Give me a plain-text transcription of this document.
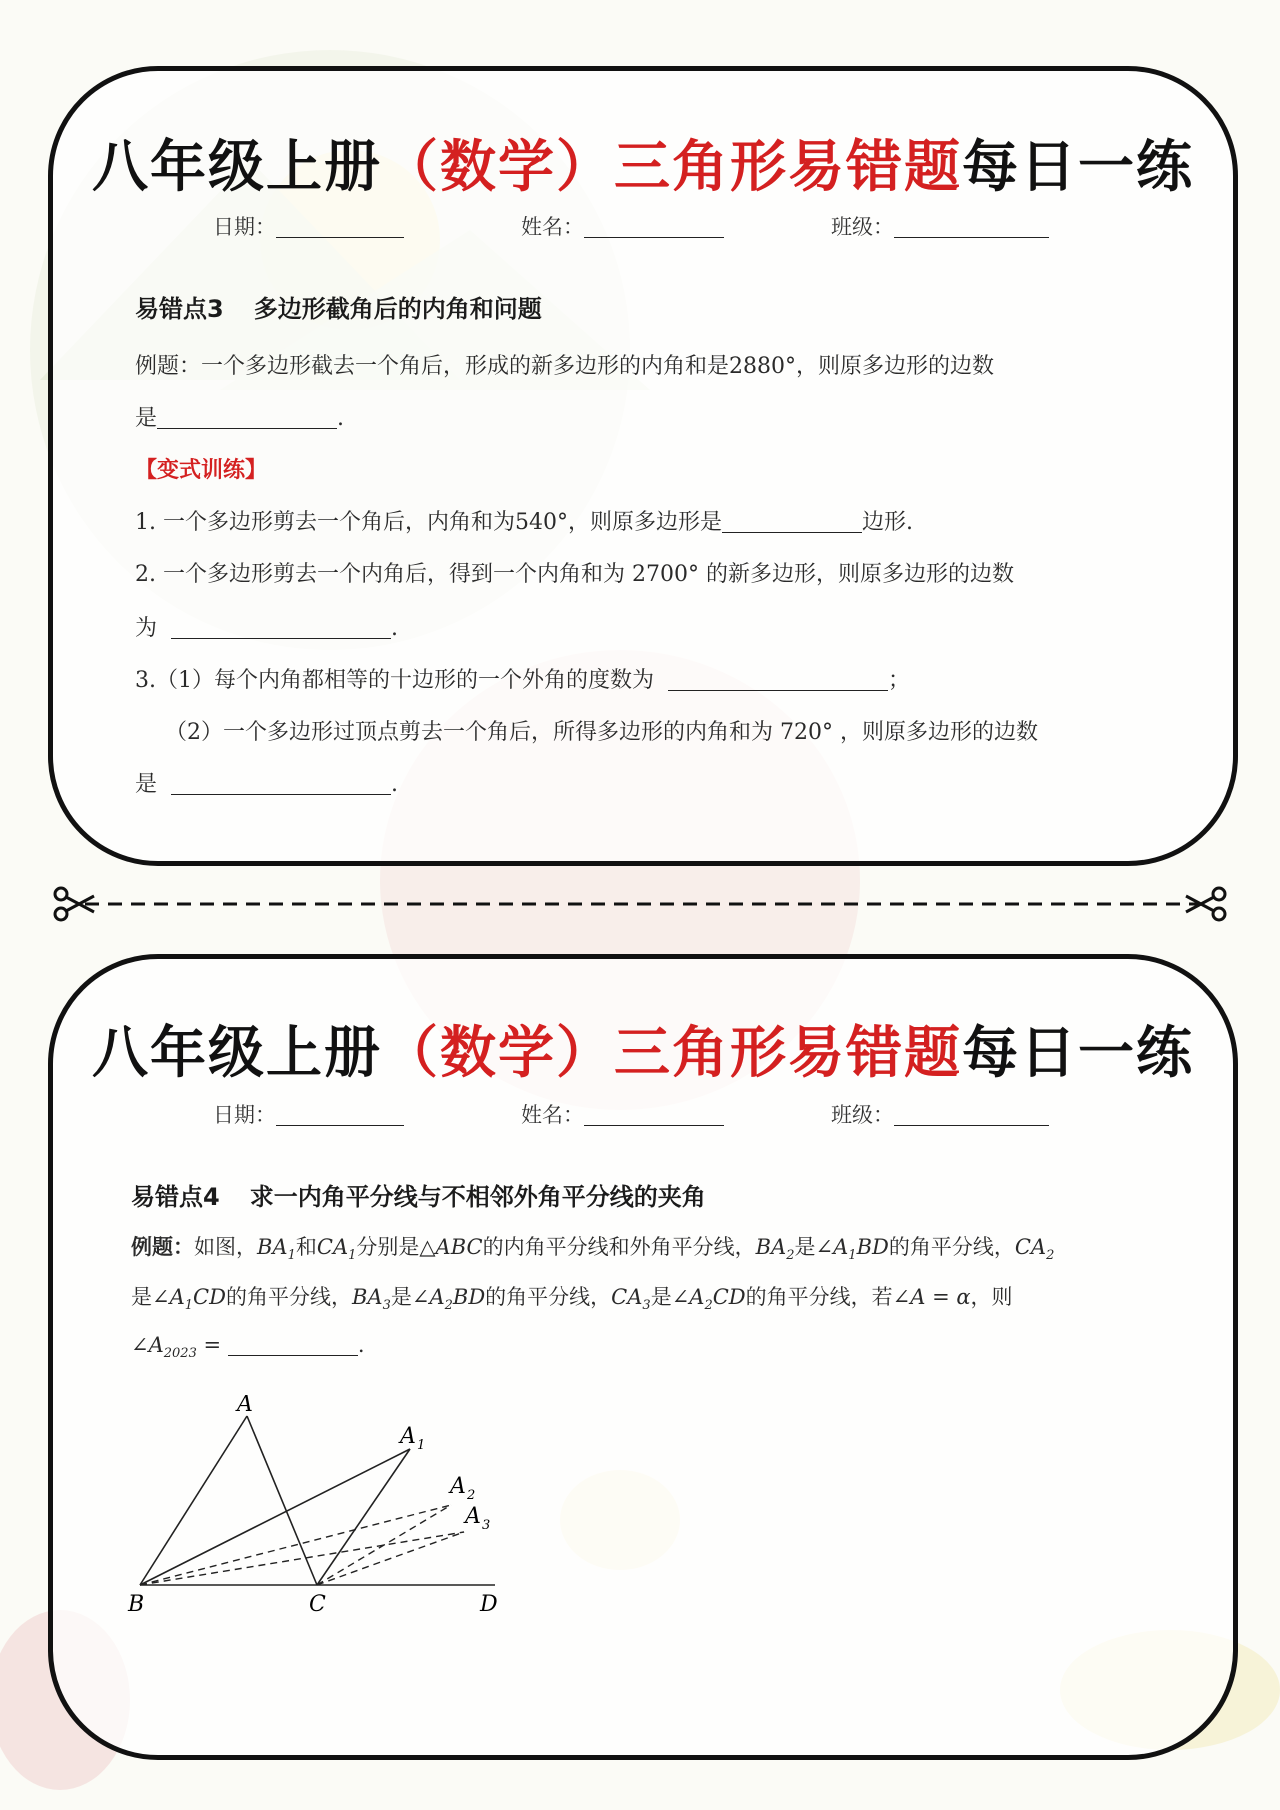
八年级上册（数学）三角形易错题每日一练
日期：	姓名：	班级：
易错点3 多边形截角后的内角和问题
例题：一个多边形截去一个角后，形成的新多边形的内角和是2880°，则原多边形的边数
是	.
【变式训练】
1. 一个多边形剪去一个角后，内角和为540°，则原多边形是	边形.
2. 一个多边形剪去一个内角后，得到一个内角和为 2700° 的新多边形，则原多边形的边数
为	.
3.（1）每个内角都相等的十边形的一个外角的度数为	；
（2）一个多边形过顶点剪去一个角后，所得多边形的内角和为 720° ，则原多边形的边数
是	.
八年级上册（数学）三角形易错题每日一练
日期：	姓名：	班级：
易错点4 求一内角平分线与不相邻外角平分线的夹角
例题：如图，$BA_1$和$CA_1$分别是△ABC的内角平分线和外角平分线，$BA_2$是$\angle A_1BD$的角平分线，$CA_2$
是$\angle A_1CD$的角平分线，$BA_3$是$\angle A_2BD$的角平分线，$CA_3$是$\angle A_2CD$的角平分线，若∠A = α，则
$\angle A_{2023}$ =	.
A
A 1
A 2
A 3
B	C	D
